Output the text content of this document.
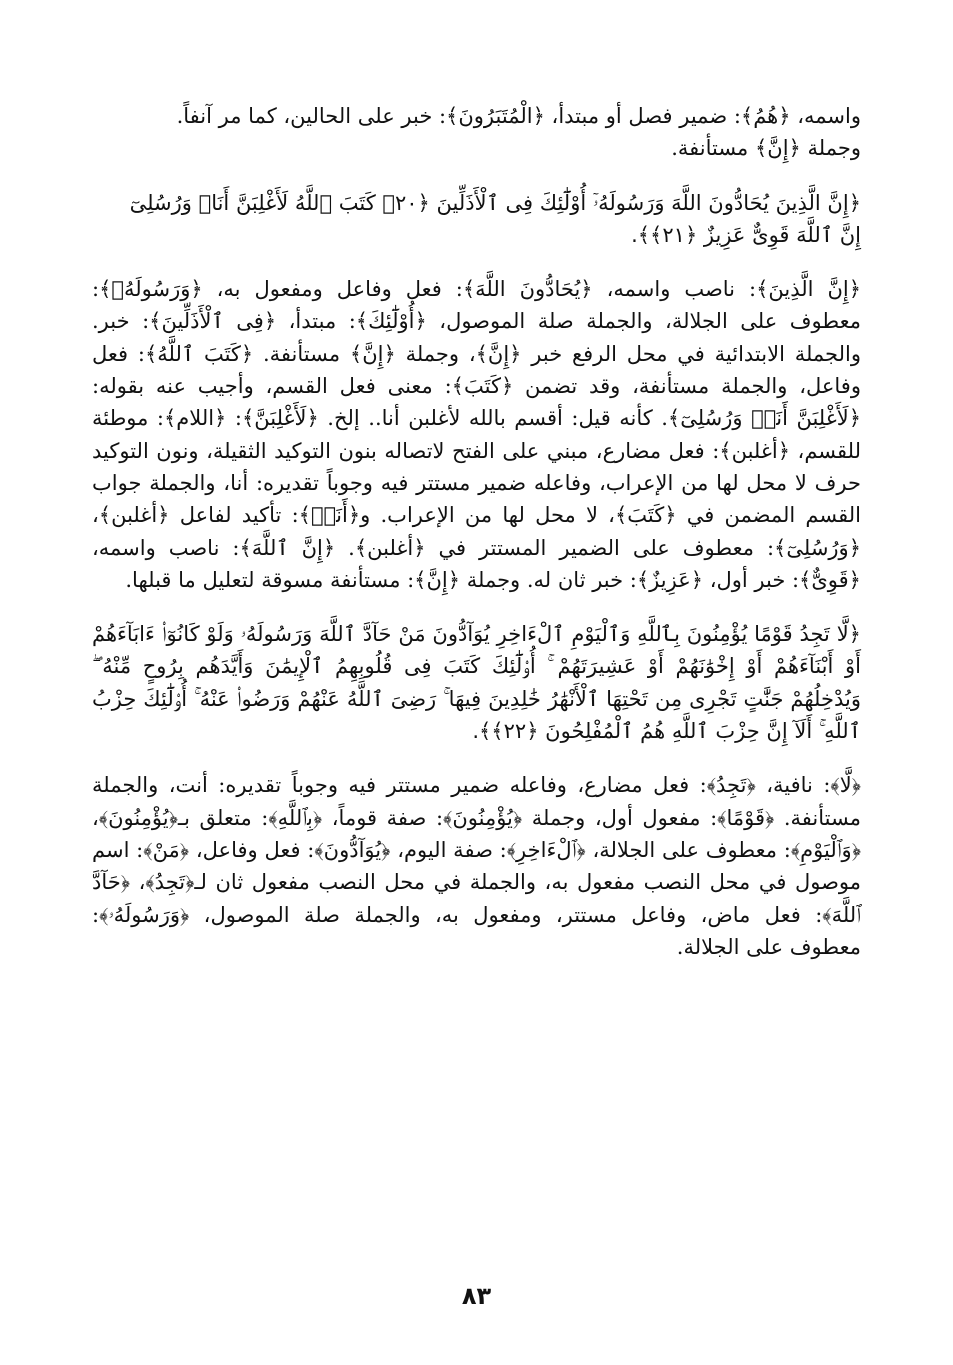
واسمه، ﴿هُمُ﴾: ضمير فصل أو مبتدأ، ﴿الْمُتَبَرُونَ﴾: خبر على الحالين، كما مر آنفاً.
وجملة ﴿إِنَّ﴾ مستأنفة.

﴿إِنَّ الَّذِينَ يُحَادُّونَ اللَّهَ وَرَسُولَهُۥٓ أُوْلَٰٓئِكَ فِى ٱلْأَذَلِّينَ ﴿٢٠﴾ كَتَبَ ٱللَّهُ لَأَغْلِبَنَّ أَنَا۠ وَرُسُلِىٓ
إِنَّ ٱللَّهَ قَوِىٌّ عَزِيزٌ ﴿٢١﴾﴾.

﴿إِنَّ الَّذِينَ﴾: ناصب واسمه، ﴿يُحَادُّونَ اللَّهَ﴾: فعل وفاعل ومفعول به، ﴿وَرَسُولَهُۥ﴾: معطوف على الجلالة، والجملة صلة الموصول، ﴿أُوْلَٰٓئِكَ﴾: مبتدأ، ﴿فِى ٱلْأَذَلِّينَ﴾: خبر. والجملة الابتدائية في محل الرفع خبر ﴿إِنَّ﴾، وجملة ﴿إِنَّ﴾ مستأنفة. ﴿كَتَبَ ٱللَّهُ﴾: فعل وفاعل، والجملة مستأنفة، وقد تضمن ﴿كَتَبَ﴾: معنى فعل القسم، وأجيب عنه بقوله: ﴿لَأَغْلِبَنَّ أَنَا۠ وَرُسُلِىٓ﴾. كأنه قيل: أقسم بالله لأغلبن أنا.. إلخ. ﴿لَأَغْلِبَنَّ﴾: ﴿اللام﴾: موطئة للقسم، ﴿أغلبن﴾: فعل مضارع، مبني على الفتح لاتصاله بنون التوكيد الثقيلة، ونون التوكيد حرف لا محل لها من الإعراب، وفاعله ضمير مستتر فيه وجوباً تقديره: أنا، والجملة جواب القسم المضمن في ﴿كَتَبَ﴾، لا محل لها من الإعراب. و﴿أَنَا۠﴾: تأكيد لفاعل ﴿أغلبن﴾، ﴿وَرُسُلِىٓ﴾: معطوف على الضمير المستتر في ﴿أغلبن﴾. ﴿إِنَّ ٱللَّهَ﴾: ناصب واسمه، ﴿قَوِىٌّ﴾: خبر أول، ﴿عَزِيزٌ﴾: خبر ثان له. وجملة ﴿إِنَّ﴾: مستأنفة مسوقة لتعليل ما قبلها.

﴿لَّا تَجِدُ قَوْمًا يُؤْمِنُونَ بِٱللَّهِ وَٱلْيَوْمِ ٱلْءَاخِرِ يُوَآدُّونَ مَنْ حَآدَّ ٱللَّهَ وَرَسُولَهُۥ وَلَوْ كَانُوٓا۟ ءَابَآءَهُمْ أَوْ أَبْنَآءَهُمْ أَوْ إِخْوَٰنَهُمْ أَوْ عَشِيرَتَهُمْ ۚ أُو۟لَٰٓئِكَ كَتَبَ فِى قُلُوبِهِمُ ٱلْإِيمَٰنَ وَأَيَّدَهُم بِرُوحٍ مِّنْهُ ۖ وَيُدْخِلُهُمْ جَنَّٰتٍ تَجْرِى مِن تَحْتِهَا ٱلْأَنْهَٰرُ خَٰلِدِينَ فِيهَا ۚ رَضِىَ ٱللَّهُ عَنْهُمْ وَرَضُوا۟ عَنْهُ ۚ أُو۟لَٰٓئِكَ حِزْبُ ٱللَّهِ ۚ أَلَآ إِنَّ حِزْبَ ٱللَّهِ هُمُ ٱلْمُفْلِحُونَ ﴿٢٢﴾﴾.

﴿لَّا﴾: نافية، ﴿تَجِدُ﴾: فعل مضارع، وفاعله ضمير مستتر فيه وجوباً تقديره: أنت، والجملة مستأنفة. ﴿قَوْمًا﴾: مفعول أول، وجملة ﴿يُؤْمِنُونَ﴾: صفة قوماً، ﴿بِٱللَّهِ﴾: متعلق بـ﴿يُؤْمِنُونَ﴾، ﴿وَٱلْيَوْمِ﴾: معطوف على الجلالة، ﴿ٱلْءَاخِرِ﴾: صفة اليوم، ﴿يُوَآدُّونَ﴾: فعل وفاعل، ﴿مَنْ﴾: اسم موصول في محل النصب مفعول به، والجملة في محل النصب مفعول ثان لـ﴿تَجِدُ﴾، ﴿حَآدَّ ٱللَّهَ﴾: فعل ماض، وفاعل مستتر، ومفعول به، والجملة صلة الموصول، ﴿وَرَسُولَهُۥ﴾: معطوف على الجلالة.

٨٣
